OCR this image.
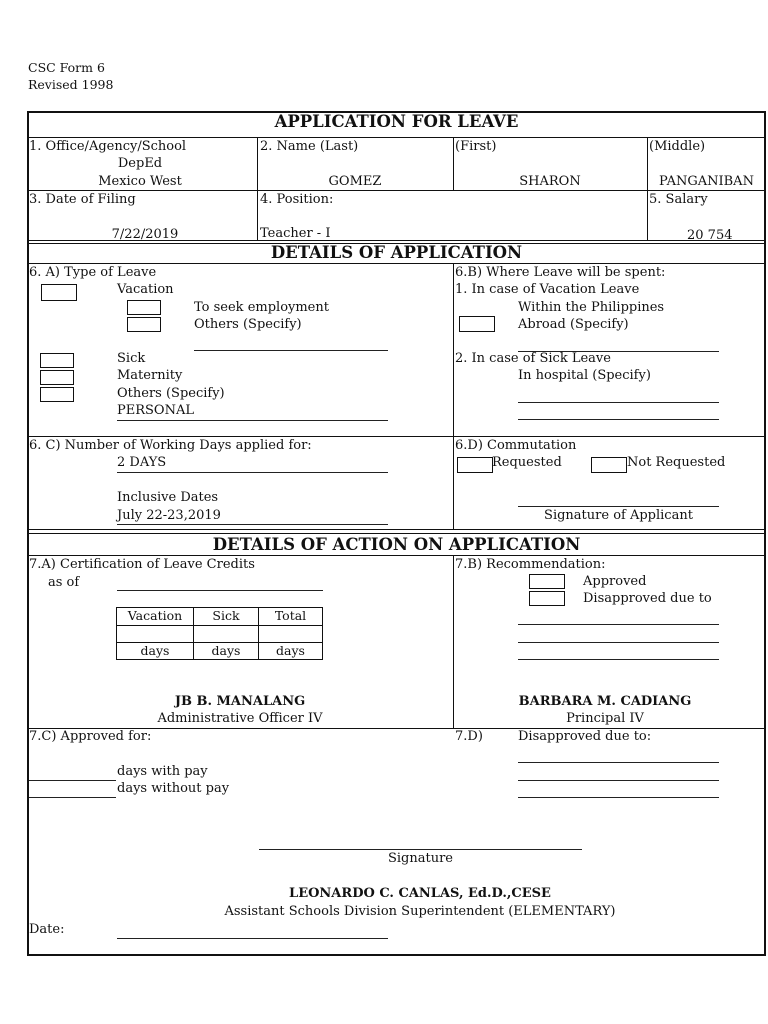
CSC Form 6
Revised 1998
APPLICATION FOR LEAVE
1. Office/Agency/School
DepEd
Mexico West
2. Name (Last)
GOMEZ
(First)
SHARON
(Middle)
PANGANIBAN
3. Date of Filing
7/22/2019
4. Position:
Teacher - I
5. Salary
20 754
DETAILS OF APPLICATION
6. A) Type of Leave
Vacation
To seek employment
Others (Specify)
Sick
Maternity
Others (Specify)
PERSONAL
6.B) Where Leave will be spent:
1. In case of Vacation Leave
Within the Philippines
Abroad (Specify)
2. In case of Sick Leave
In hospital (Specify)
6. C) Number of Working Days applied for:
2 DAYS
Inclusive Dates
July 22-23,2019
6.D) Commutation
Requested	Not Requested
Signature of Applicant
DETAILS OF ACTION ON APPLICATION
7.A) Certification of Leave Credits
as of
Vacation	Sick	Total
days	days	days
JB B. MANALANG
Administrative Officer IV
7.B) Recommendation:
Approved
Disapproved due to
BARBARA M. CADIANG
Principal IV
7.C) Approved for:
days with pay
days without pay
7.D)	Disapproved due to:
Signature
LEONARDO C. CANLAS, Ed.D.,CESE
Assistant Schools Division Superintendent (ELEMENTARY)
Date:
